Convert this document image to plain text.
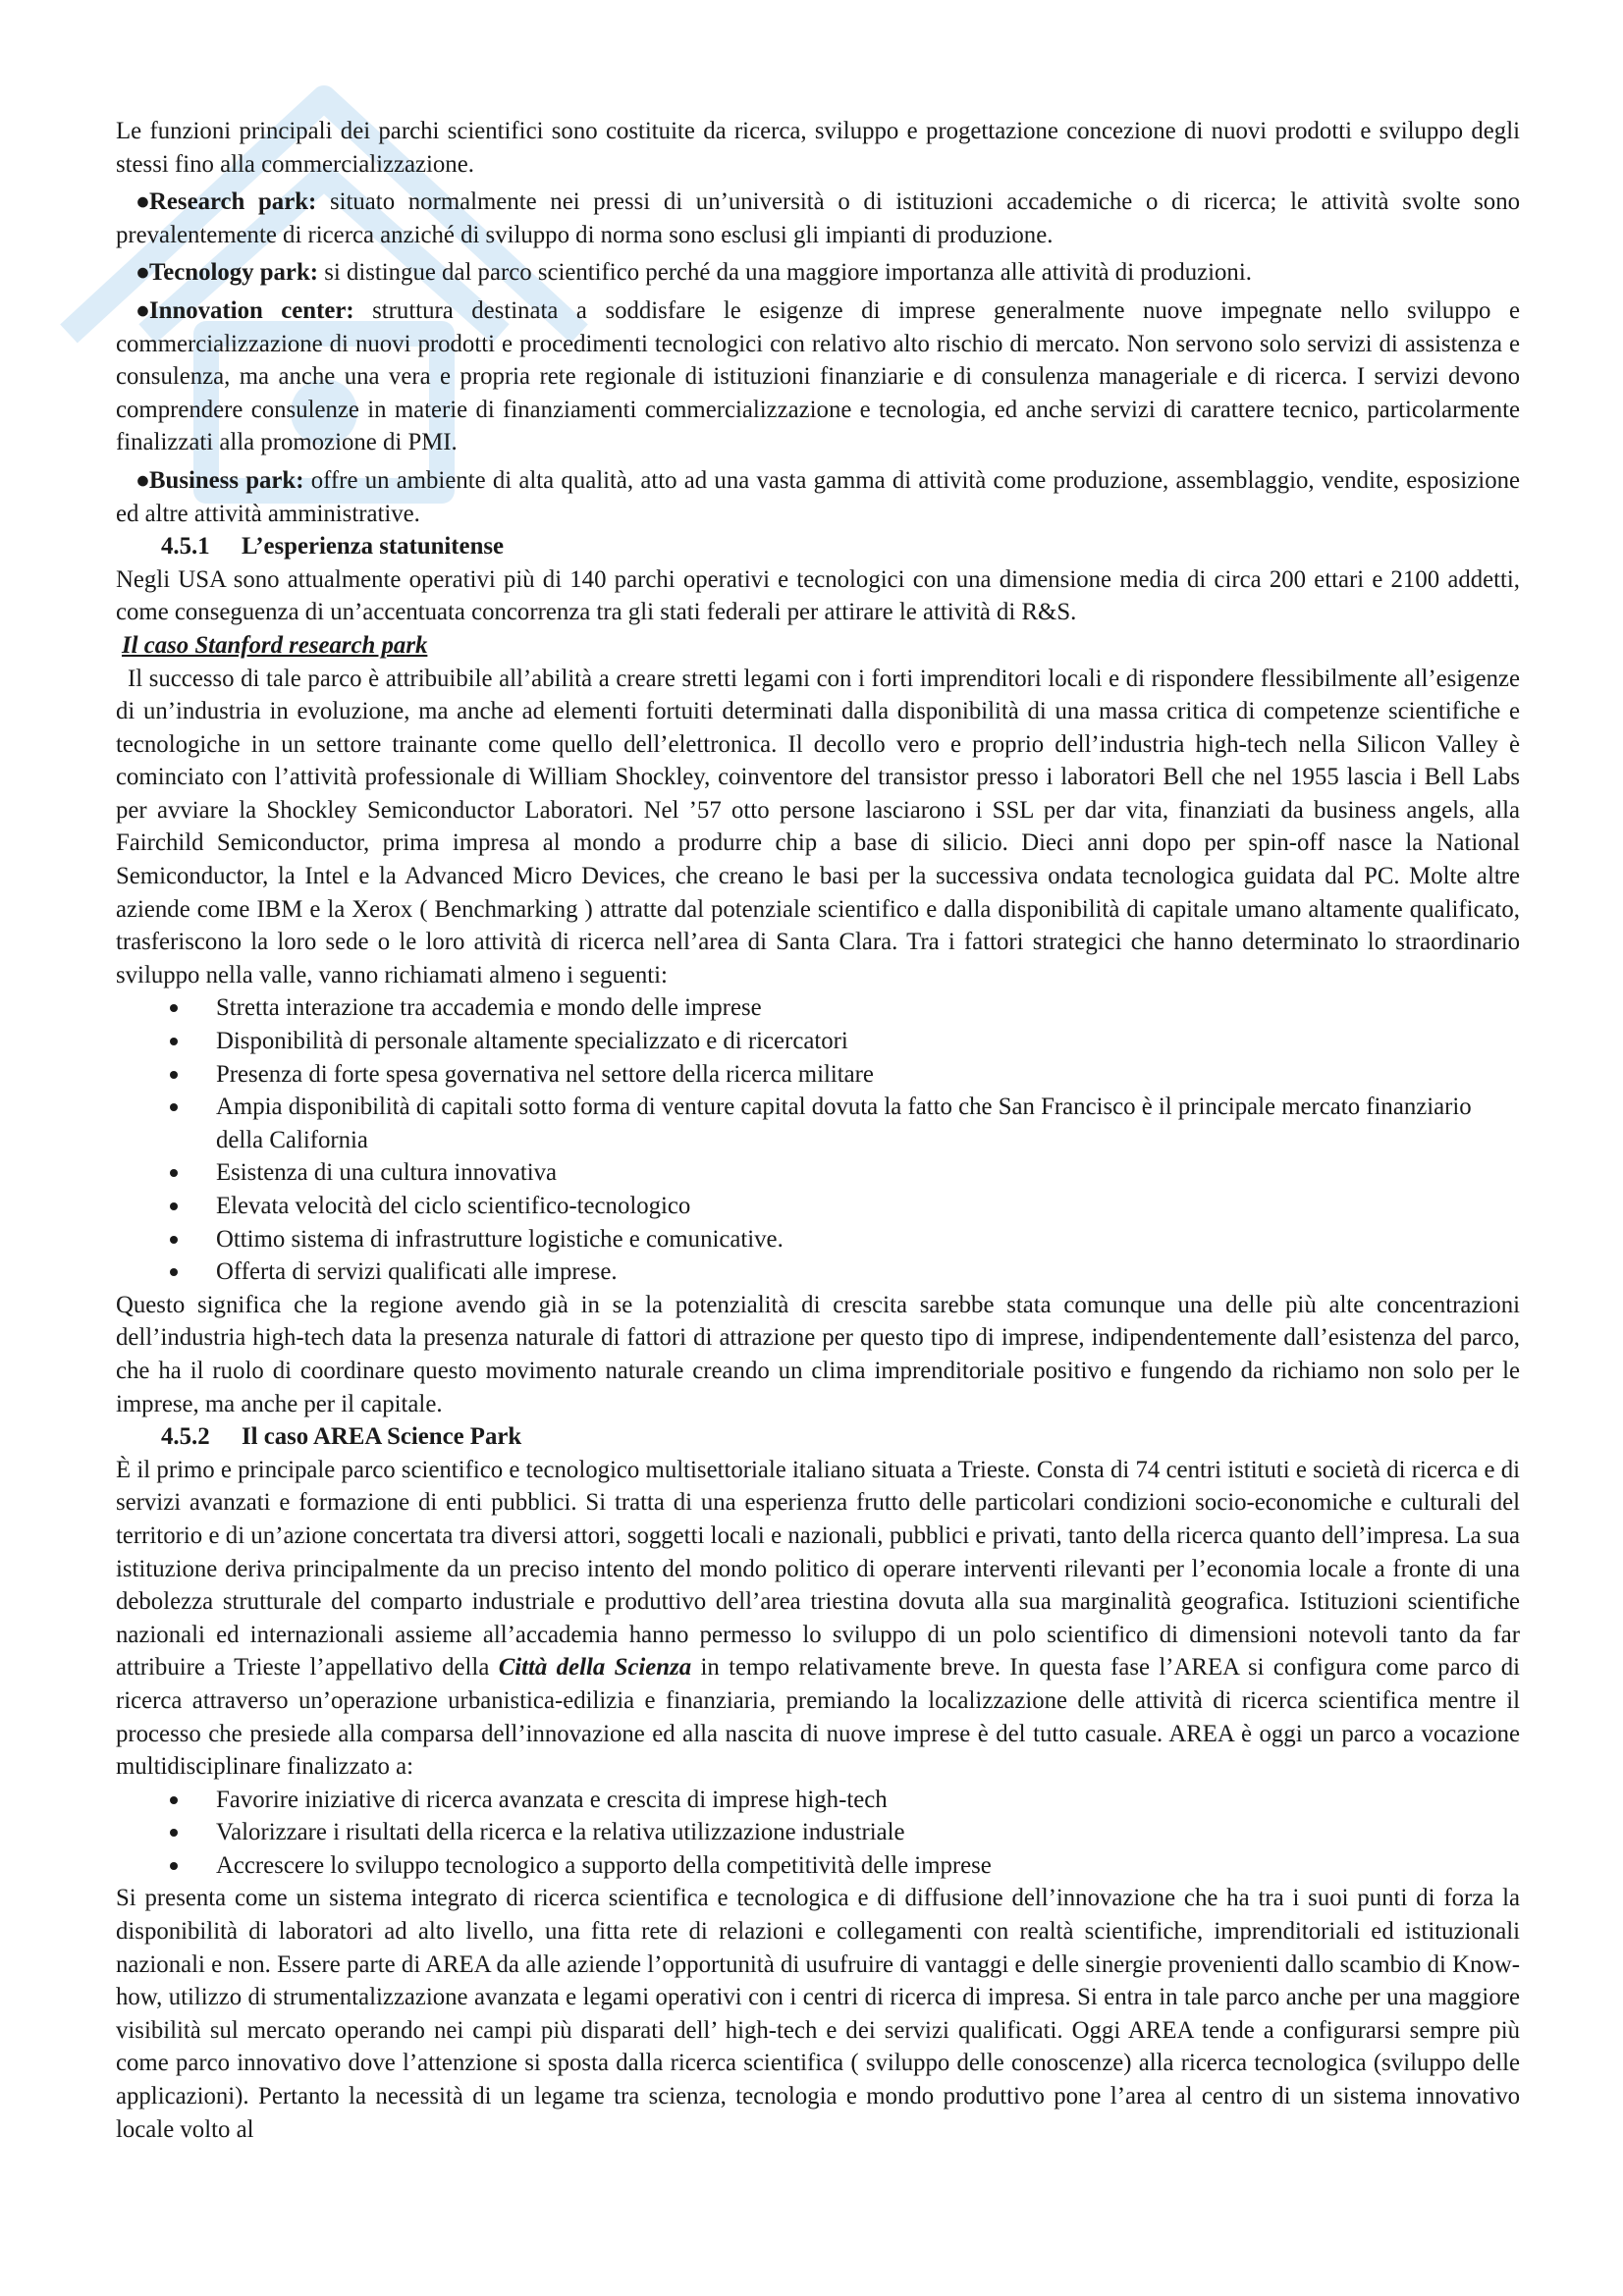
Le funzioni principali dei parchi scientifici sono costituite da ricerca, sviluppo e progettazione concezione di nuovi prodotti e sviluppo degli stessi fino alla commercializzazione.

●Research park: situato normalmente nei pressi di un’università o di istituzioni accademiche o di ricerca; le attività svolte sono prevalentemente di ricerca anziché di sviluppo di norma sono esclusi gli impianti di produzione.

●Tecnology park: si distingue dal parco scientifico perché da una maggiore importanza alle attività di produzioni.

●Innovation center: struttura destinata a soddisfare le esigenze di imprese generalmente nuove impegnate nello sviluppo e commercializzazione di nuovi prodotti e procedimenti tecnologici con relativo alto rischio di mercato. Non servono solo servizi di assistenza e consulenza, ma anche una vera e propria rete regionale di istituzioni finanziarie e di consulenza manageriale e di ricerca. I servizi devono comprendere consulenze in materie di finanziamenti commercializzazione e tecnologia, ed anche servizi di carattere tecnico, particolarmente finalizzati alla promozione di PMI.

●Business park: offre un ambiente di alta qualità, atto ad una vasta gamma di attività come produzione, assemblaggio, vendite, esposizione ed altre attività amministrative.

4.5.1 L’esperienza statunitense

Negli USA sono attualmente operativi più di 140 parchi operativi e tecnologici con una dimensione media di circa 200 ettari e 2100 addetti, come conseguenza di un’accentuata concorrenza tra gli stati federali per attirare le attività di R&S.

Il caso Stanford research park

Il successo di tale parco è attribuibile all’abilità a creare stretti legami con i forti imprenditori locali e di rispondere flessibilmente all’esigenze di un’industria in evoluzione, ma anche ad elementi fortuiti determinati dalla disponibilità di una massa critica di competenze scientifiche e tecnologiche in un settore trainante come quello dell’elettronica. Il decollo vero e proprio dell’industria high-tech nella Silicon Valley è cominciato con l’attività professionale di William Shockley, coinventore del transistor presso i laboratori Bell che nel 1955 lascia i Bell Labs per avviare la Shockley Semiconductor Laboratori. Nel ’57 otto persone lasciarono i SSL per dar vita, finanziati da business angels, alla Fairchild Semiconductor, prima impresa al mondo a produrre chip a base di silicio. Dieci anni dopo per spin-off nasce la National Semiconductor, la Intel e la Advanced Micro Devices, che creano le basi per la successiva ondata tecnologica guidata dal PC. Molte altre aziende come IBM e la Xerox ( Benchmarking ) attratte dal potenziale scientifico e dalla disponibilità di capitale umano altamente qualificato, trasferiscono la loro sede o le loro attività di ricerca nell’area di Santa Clara. Tra i fattori strategici che hanno determinato lo straordinario sviluppo nella valle, vanno richiamati almeno i seguenti:

Stretta interazione tra accademia e mondo delle imprese
Disponibilità di personale altamente specializzato e di ricercatori
Presenza di forte spesa governativa nel settore della ricerca militare
Ampia disponibilità di capitali sotto forma di venture capital dovuta la fatto che San Francisco è il principale mercato finanziario della California
Esistenza di una cultura innovativa
Elevata velocità del ciclo scientifico-tecnologico
Ottimo sistema di infrastrutture logistiche e comunicative.
Offerta di servizi qualificati alle imprese.

Questo significa che la regione avendo già in se la potenzialità di crescita sarebbe stata comunque una delle più alte concentrazioni dell’industria high-tech data la presenza naturale di fattori di attrazione per questo tipo di imprese, indipendentemente dall’esistenza del parco, che ha il ruolo di coordinare questo movimento naturale creando un clima imprenditoriale positivo e fungendo da richiamo non solo per le imprese, ma anche per il capitale.

4.5.2 Il caso AREA Science Park

È il primo e principale parco scientifico e tecnologico multisettoriale italiano situata a Trieste. Consta di 74 centri istituti e società di ricerca e di servizi avanzati e formazione di enti pubblici. Si tratta di una esperienza frutto delle particolari condizioni socio-economiche e culturali del territorio e di un’azione concertata tra diversi attori, soggetti locali e nazionali, pubblici e privati, tanto della ricerca quanto dell’impresa. La sua istituzione deriva principalmente da un preciso intento del mondo politico di operare interventi rilevanti per l’economia locale a fronte di una debolezza strutturale del comparto industriale e produttivo dell’area triestina dovuta alla sua marginalità geografica. Istituzioni scientifiche nazionali ed internazionali assieme all’accademia hanno permesso lo sviluppo di un polo scientifico di dimensioni notevoli tanto da far attribuire a Trieste l’appellativo della Città della Scienza in tempo relativamente breve. In questa fase l’AREA si configura come parco di ricerca attraverso un’operazione urbanistica-edilizia e finanziaria, premiando la localizzazione delle attività di ricerca scientifica mentre il processo che presiede alla comparsa dell’innovazione ed alla nascita di nuove imprese è del tutto casuale. AREA è oggi un parco a vocazione multidisciplinare finalizzato a:

Favorire iniziative di ricerca avanzata e crescita di imprese high-tech
Valorizzare i risultati della ricerca e la relativa utilizzazione industriale
Accrescere lo sviluppo tecnologico a supporto della competitività delle imprese

Si presenta come un sistema integrato di ricerca scientifica e tecnologica e di diffusione dell’innovazione che ha tra i suoi punti di forza la disponibilità di laboratori ad alto livello, una fitta rete di relazioni e collegamenti con realtà scientifiche, imprenditoriali ed istituzionali nazionali e non. Essere parte di AREA da alle aziende l’opportunità di usufruire di vantaggi e delle sinergie provenienti dallo scambio di Know-how, utilizzo di strumentalizzazione avanzata e legami operativi con i centri di ricerca di impresa. Si entra in tale parco anche per una maggiore visibilità sul mercato operando nei campi più disparati dell’ high-tech e dei servizi qualificati. Oggi AREA tende a configurarsi sempre più come parco innovativo dove l’attenzione si sposta dalla ricerca scientifica ( sviluppo delle conoscenze) alla ricerca tecnologica (sviluppo delle applicazioni). Pertanto la necessità di un legame tra scienza, tecnologia e mondo produttivo pone l’area al centro di un sistema innovativo locale volto al
